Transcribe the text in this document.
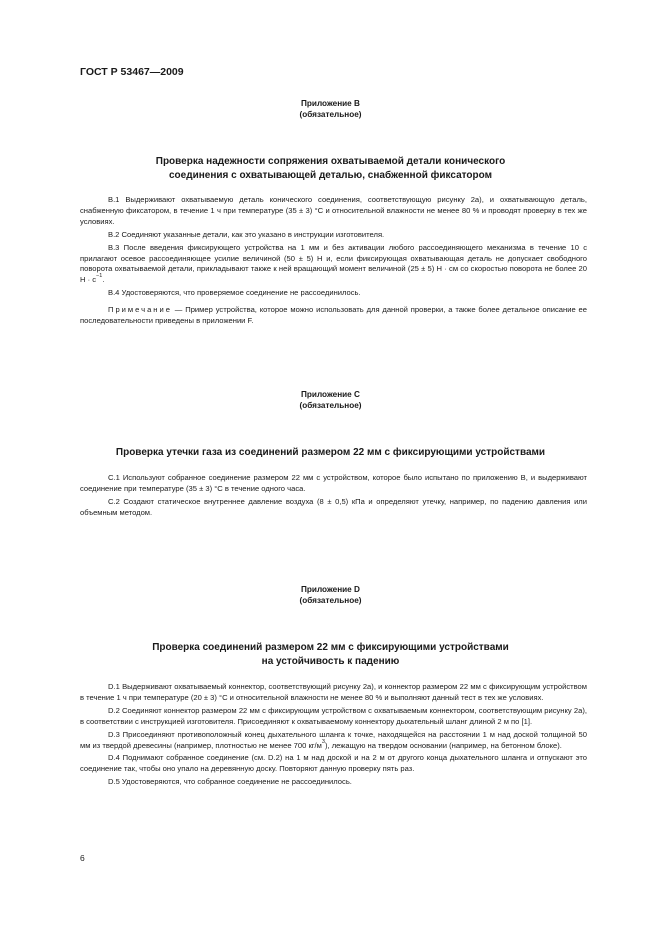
ГОСТ Р 53467—2009
Приложение В
(обязательное)
Проверка надежности сопряжения охватываемой детали конического
соединения с охватывающей деталью, снабженной фиксатором

В.1 Выдерживают охватываемую деталь конического соединения, соответствующую рисунку 2а), и охватывающую деталь, снабженную фиксатором, в течение 1 ч при температуре (35 ± 3) °С и относительной влажности не менее 80 % и проводят проверку в тех же условиях.

В.2 Соединяют указанные детали, как это указано в инструкции изготовителя.

В.3 После введения фиксирующего устройства на 1 мм и без активации любого рассоединяющего механизма в течение 10 с прилагают осевое рассоединяющее усилие величиной (50 ± 5) Н и, если фиксирующая охватывающая деталь не допускает свободного поворота охватываемой детали, прикладывают также к ней вращающий момент величиной (25 ± 5) Н · см со скоростью поворота не более 20 $Н \cdot с^{-1}$.

В.4 Удостоверяются, что проверяемое соединение не рассоединилось.

Примечание — Пример устройства, которое можно использовать для данной проверки, а также более детальное описание ее последовательности приведены в приложении F.

Приложение С
(обязательное)
Проверка утечки газа из соединений размером 22 мм с фиксирующими устройствами

С.1 Используют собранное соединение размером 22 мм с устройством, которое было испытано по приложению В, и выдерживают соединение при температуре (35 ± 3) °С в течение одного часа.

С.2 Создают статическое внутреннее давление воздуха (8 ± 0,5) кПа и определяют утечку, например, по падению давления или объемным методом.

Приложение D
(обязательное)
Проверка соединений размером 22 мм с фиксирующими устройствами
на устойчивость к падению

D.1 Выдерживают охватываемый коннектор, соответствующий рисунку 2а), и коннектор размером 22 мм с фиксирующим устройством в течение 1 ч при температуре (20 ± 3) °С и относительной влажности не менее 80 % и выполняют данный тест в тех же условиях.

D.2 Соединяют коннектор размером 22 мм с фиксирующим устройством с охватываемым коннектором, соответствующим рисунку 2а), в соответствии с инструкцией изготовителя. Присоединяют к охватываемому коннектору дыхательный шланг длиной 2 м по [1].

D.3 Присоединяют противоположный конец дыхательного шланга к точке, находящейся на расстоянии 1 м над доской толщиной 50 мм из твердой древесины (например, плотностью не менее 700 $кг/м^3$), лежащую на твердом основании (например, на бетонном блоке).

D.4 Поднимают собранное соединение (см. D.2) на 1 м над доской и на 2 м от другого конца дыхательного шланга и отпускают это соединение так, чтобы оно упало на деревянную доску. Повторяют данную проверку пять раз.

D.5 Удостоверяются, что собранное соединение не рассоединилось.

6
